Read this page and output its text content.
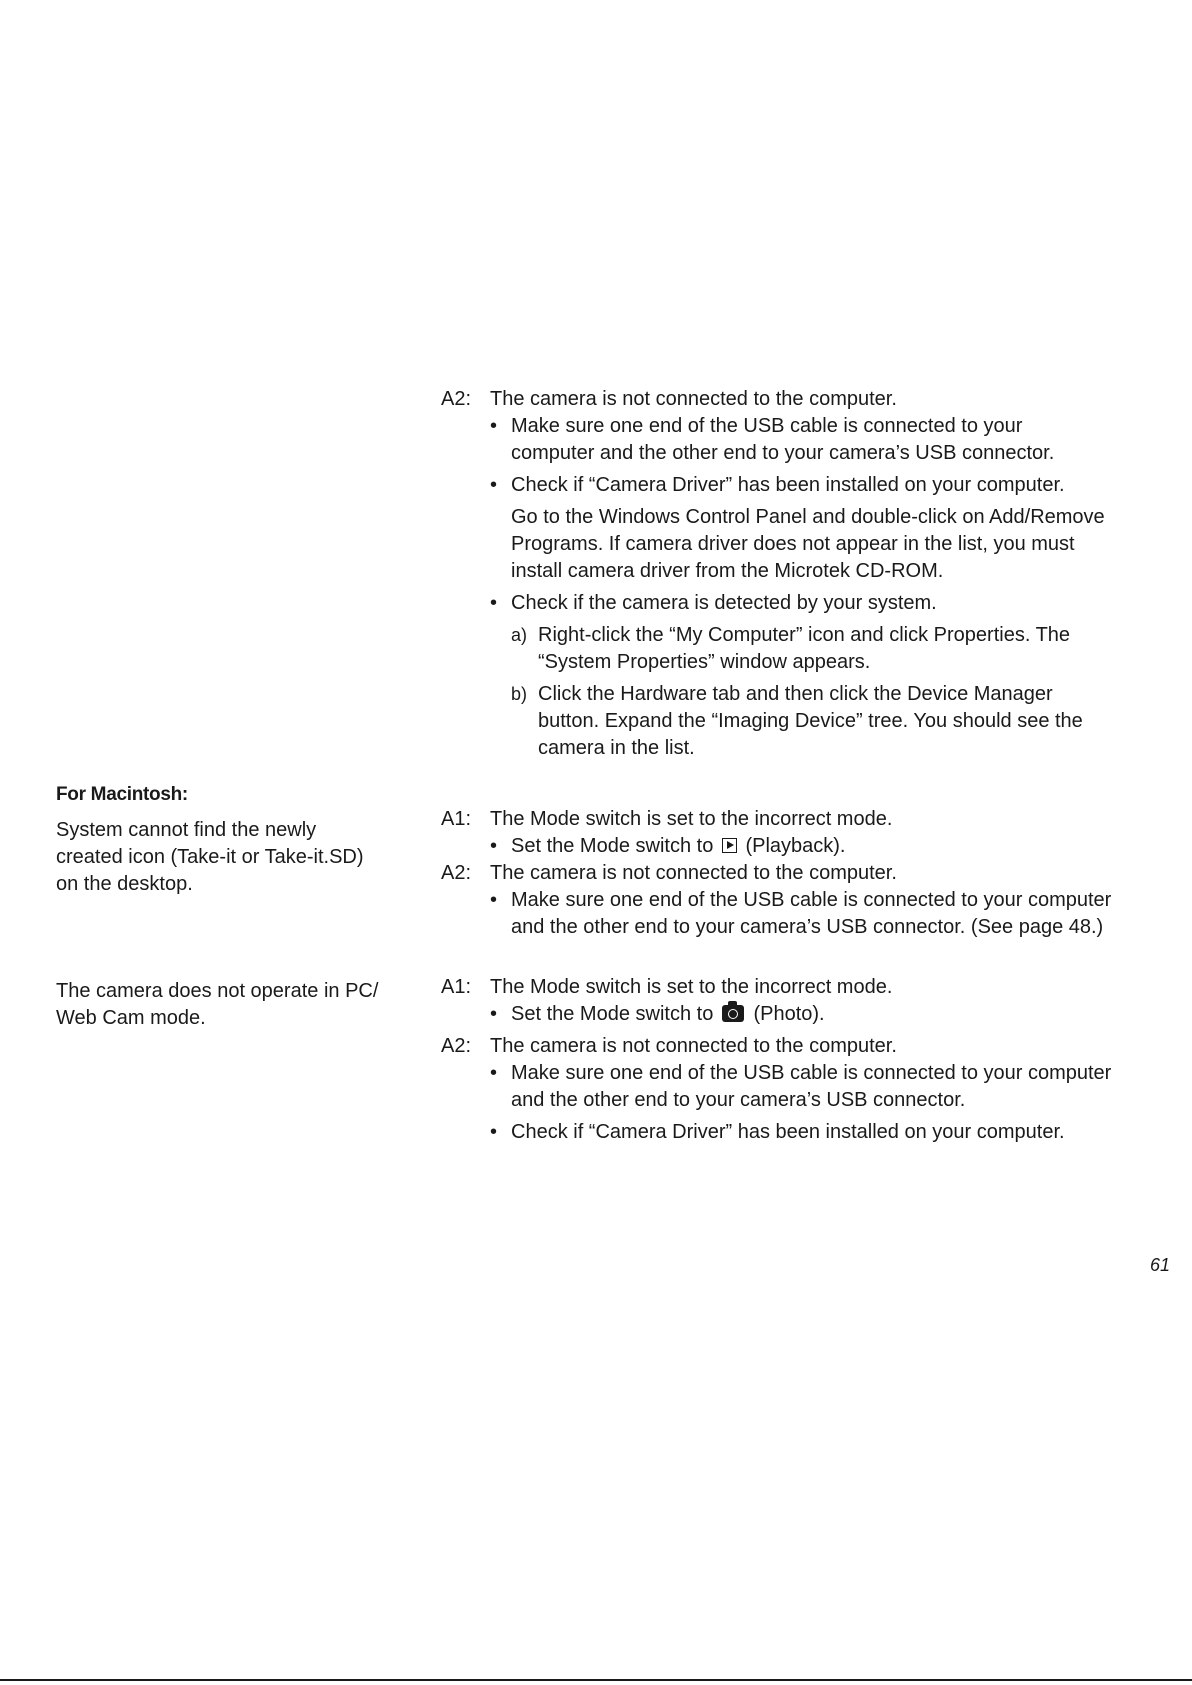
A2: The camera is not connected to the computer.

• Make sure one end of the USB cable is connected to your
computer and the other end to your camera’s USB connector.
• Check if “Camera Driver” has been installed on your computer.
Go to the Windows Control Panel and double-click on Add/Remove
Programs. If camera driver does not appear in the list, you must
install camera driver from the Microtek CD-ROM.
• Check if the camera is detected by your system.
a) Right-click the “My Computer” icon and click Properties. The
“System Properties” window appears.
b) Click the Hardware tab and then click the Device Manager
button. Expand the “Imaging Device” tree. You should see the
camera in the list.
For Macintosh:
System cannot find the newly
created icon (Take-it or Take-it.SD)
on the desktop.

A1: The Mode switch is set to the incorrect mode.

• Set the Mode switch to (Playback).

A2: The camera is not connected to the computer.

• Make sure one end of the USB cable is connected to your computer
and the other end to your camera’s USB connector. (See page 48.)
The camera does not operate in PC/
Web Cam mode.

A1: The Mode switch is set to the incorrect mode.

• Set the Mode switch to (Photo).

A2: The camera is not connected to the computer.

• Make sure one end of the USB cable is connected to your computer
and the other end to your camera’s USB connector.
• Check if “Camera Driver” has been installed on your computer.
61
